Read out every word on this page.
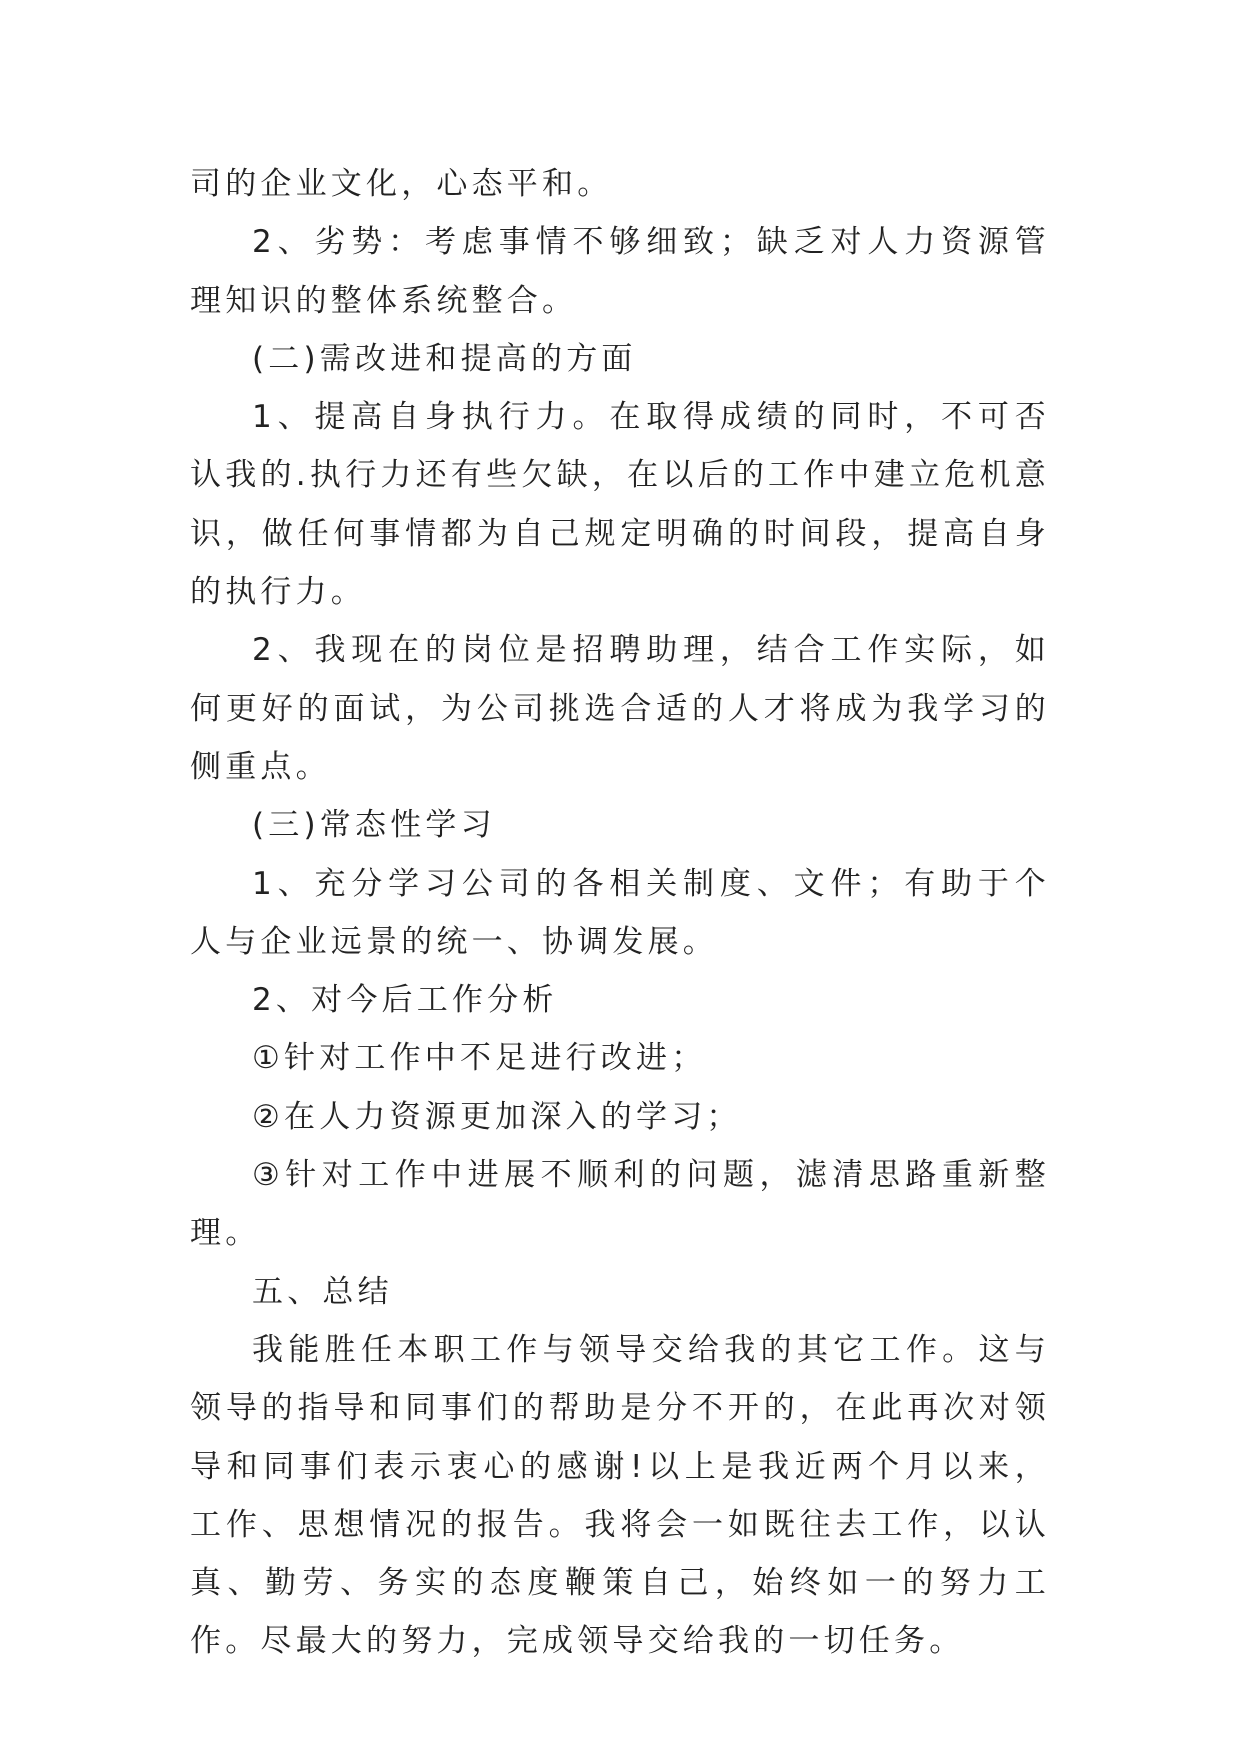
司的企业文化，心态平和。

2、劣势：考虑事情不够细致；缺乏对人力资源管理知识的整体系统整合。

(二)需改进和提高的方面

1、提高自身执行力。在取得成绩的同时，不可否认我的.执行力还有些欠缺，在以后的工作中建立危机意识，做任何事情都为自己规定明确的时间段，提高自身的执行力。

2、我现在的岗位是招聘助理，结合工作实际，如何更好的面试，为公司挑选合适的人才将成为我学习的侧重点。

(三)常态性学习

1、充分学习公司的各相关制度、文件；有助于个人与企业远景的统一、协调发展。

2、对今后工作分析

①针对工作中不足进行改进；

②在人力资源更加深入的学习；

③针对工作中进展不顺利的问题，滤清思路重新整理。

五、总结

我能胜任本职工作与领导交给我的其它工作。这与领导的指导和同事们的帮助是分不开的，在此再次对领导和同事们表示衷心的感谢!以上是我近两个月以来，工作、思想情况的报告。我将会一如既往去工作，以认真、勤劳、务实的态度鞭策自己，始终如一的努力工作。尽最大的努力，完成领导交给我的一切任务。
